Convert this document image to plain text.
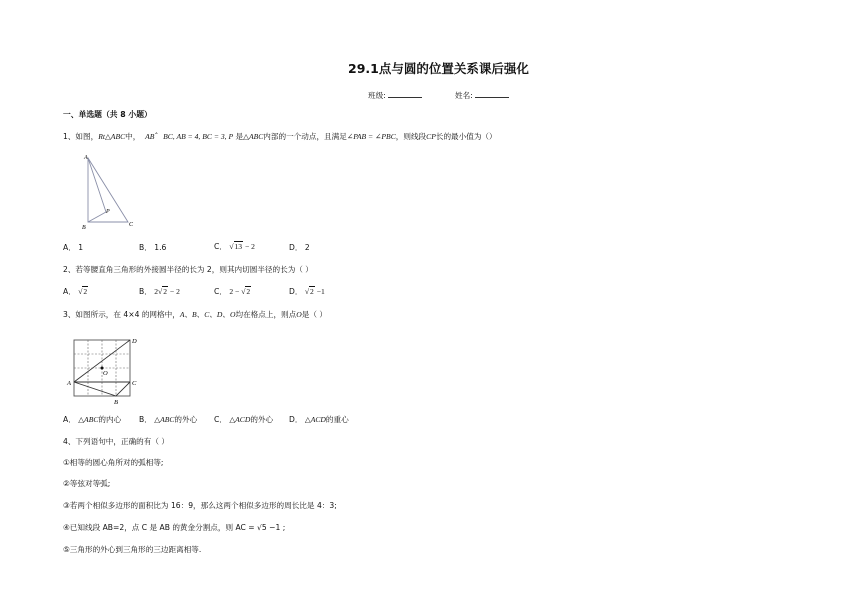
29.1点与圆的位置关系课后强化
班级:	姓名:
一、单选题（共 8 小题）
1、如图，Rt△ABC中， ABˆ BC, AB = 4, BC = 3, P 是△ABC内部的一个动点，且满足∠PAB = ∠PBC，则线段CP长的最小值为（）
A
B	C
P
A． 1	B． 1.6	C． √13 − 2	D． 2
2、若等腰直角三角形的外接圆半径的长为 2，则其内切圆半径的长为（ ）
A． √2	B． 2√2 − 2	C． 2 − √2	D． √2 −1
3、如图所示，在 4×4 的网格中，A、B、C、D、O均在格点上，则点O是（ ）
A
B
C
D
O
A． △ABC的内心 B． △ABC的外心 C． △ACD的外心 D． △ACD的重心
4、下列语句中，正确的有（ ）
①相等的圆心角所对的弧相等;
②等弦对等弧;
③若两个相似多边形的面积比为 16：9，那么这两个相似多边形的周长比是 4：3;
④已知线段 AB=2，点 C 是 AB 的黄金分割点，则 AC = √5 −1 ;
⑤三角形的外心到三角形的三边距离相等.
